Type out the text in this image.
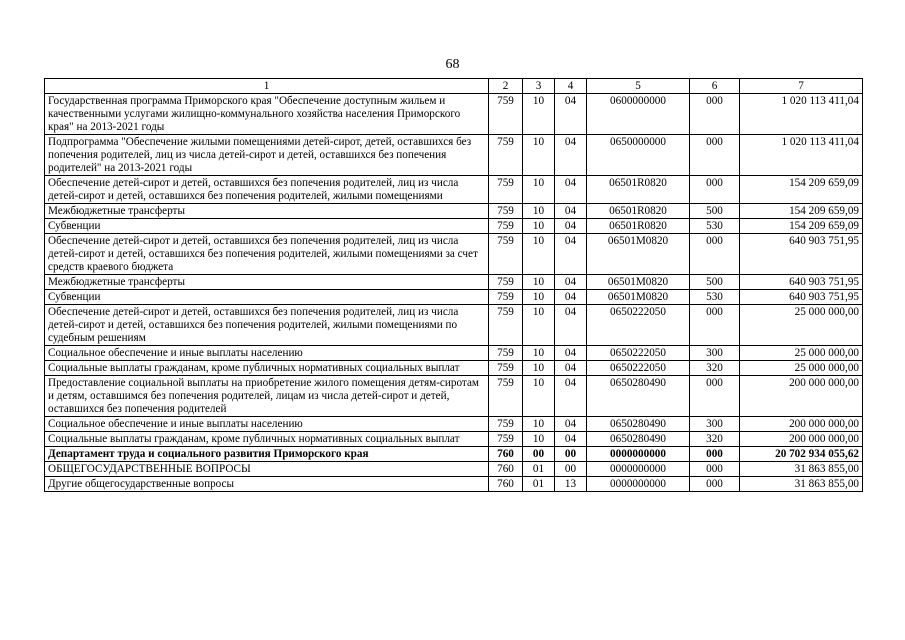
68
1	2	3	4	5	6	7
Государственная программа Приморского края "Обеспечение доступным жильем и качественными услугами жилищно-коммунального хозяйства населения Приморского края" на 2013-2021 годы	759	10	04	0600000000	000	1 020 113 411,04
Подпрограмма "Обеспечение жилыми помещениями детей-сирот, детей, оставшихся без попечения родителей, лиц из числа детей-сирот и детей, оставшихся без попечения родителей" на 2013-2021 годы	759	10	04	0650000000	000	1 020 113 411,04
Обеспечение детей-сирот и детей, оставшихся без попечения родителей, лиц из числа детей-сирот и детей, оставшихся без попечения родителей, жилыми помещениями	759	10	04	06501R0820	000	154 209 659,09
Межбюджетные трансферты	759	10	04	06501R0820	500	154 209 659,09
Субвенции	759	10	04	06501R0820	530	154 209 659,09
Обеспечение детей-сирот и детей, оставшихся без попечения родителей, лиц из числа детей-сирот и детей, оставшихся без попечения родителей, жилыми помещениями за счет средств краевого бюджета	759	10	04	06501M0820	000	640 903 751,95
Межбюджетные трансферты	759	10	04	06501M0820	500	640 903 751,95
Субвенции	759	10	04	06501M0820	530	640 903 751,95
Обеспечение детей-сирот и детей, оставшихся без попечения родителей, лиц из числа детей-сирот и детей, оставшихся без попечения родителей, жилыми помещениями по судебным решениям	759	10	04	0650222050	000	25 000 000,00
Социальное обеспечение и иные выплаты населению	759	10	04	0650222050	300	25 000 000,00
Социальные выплаты гражданам, кроме публичных нормативных социальных выплат	759	10	04	0650222050	320	25 000 000,00
Предоставление социальной выплаты на приобретение жилого помещения детям-сиротам и детям, оставшимся без попечения родителей, лицам из числа детей-сирот и детей, оставшихся без попечения родителей	759	10	04	0650280490	000	200 000 000,00
Социальное обеспечение и иные выплаты населению	759	10	04	0650280490	300	200 000 000,00
Социальные выплаты гражданам, кроме публичных нормативных социальных выплат	759	10	04	0650280490	320	200 000 000,00
Департамент труда и социального развития Приморского края	760	00	00	0000000000	000	20 702 934 055,62
ОБЩЕГОСУДАРСТВЕННЫЕ ВОПРОСЫ	760	01	00	0000000000	000	31 863 855,00
Другие общегосударственные вопросы	760	01	13	0000000000	000	31 863 855,00
